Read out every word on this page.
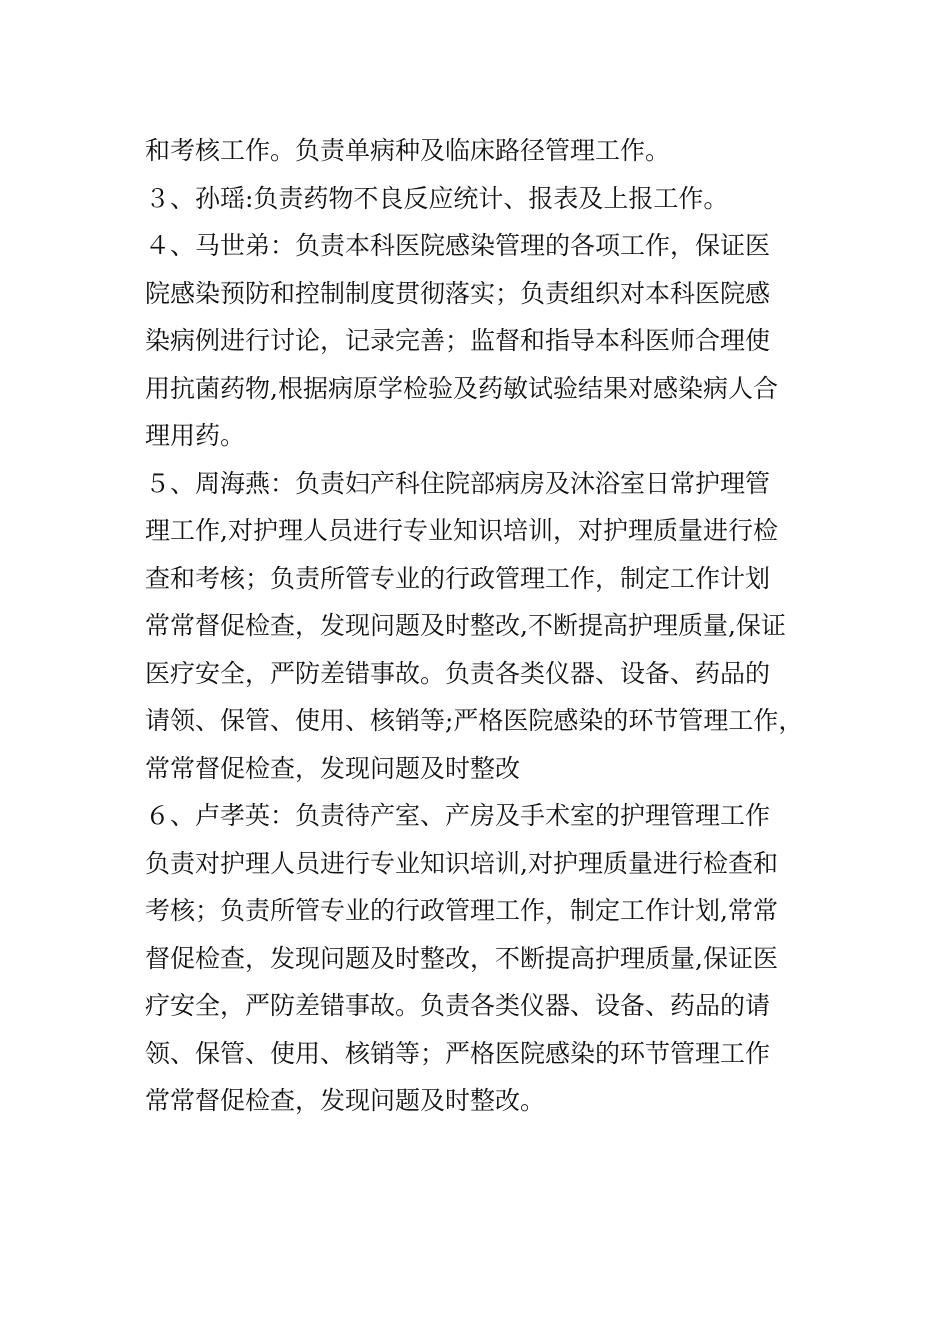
和考核工作。负责单病种及临床路径管理工作。
３、孙瑶:负责药物不良反应统计、报表及上报工作。
４、马世弟：负责本科医院感染管理的各项工作，保证医
院感染预防和控制制度贯彻落实；负责组织对本科医院感
染病例进行讨论，记录完善；监督和指导本科医师合理使
用抗菌药物,根据病原学检验及药敏试验结果对感染病人合
理用药。
５、周海燕：负责妇产科住院部病房及沐浴室日常护理管
理工作,对护理人员进行专业知识培训，对护理质量进行检
查和考核；负责所管专业的行政管理工作，制定工作计划
常常督促检查，发现问题及时整改,不断提高护理质量,保证
医疗安全，严防差错事故。负责各类仪器、设备、药品的
请领、保管、使用、核销等;严格医院感染的环节管理工作，
常常督促检查，发现问题及时整改
６、卢孝英：负责待产室、产房及手术室的护理管理工作
负责对护理人员进行专业知识培训,对护理质量进行检查和
考核；负责所管专业的行政管理工作，制定工作计划,常常
督促检查，发现问题及时整改，不断提高护理质量,保证医
疗安全，严防差错事故。负责各类仪器、设备、药品的请
领、保管、使用、核销等；严格医院感染的环节管理工作
常常督促检查，发现问题及时整改。
